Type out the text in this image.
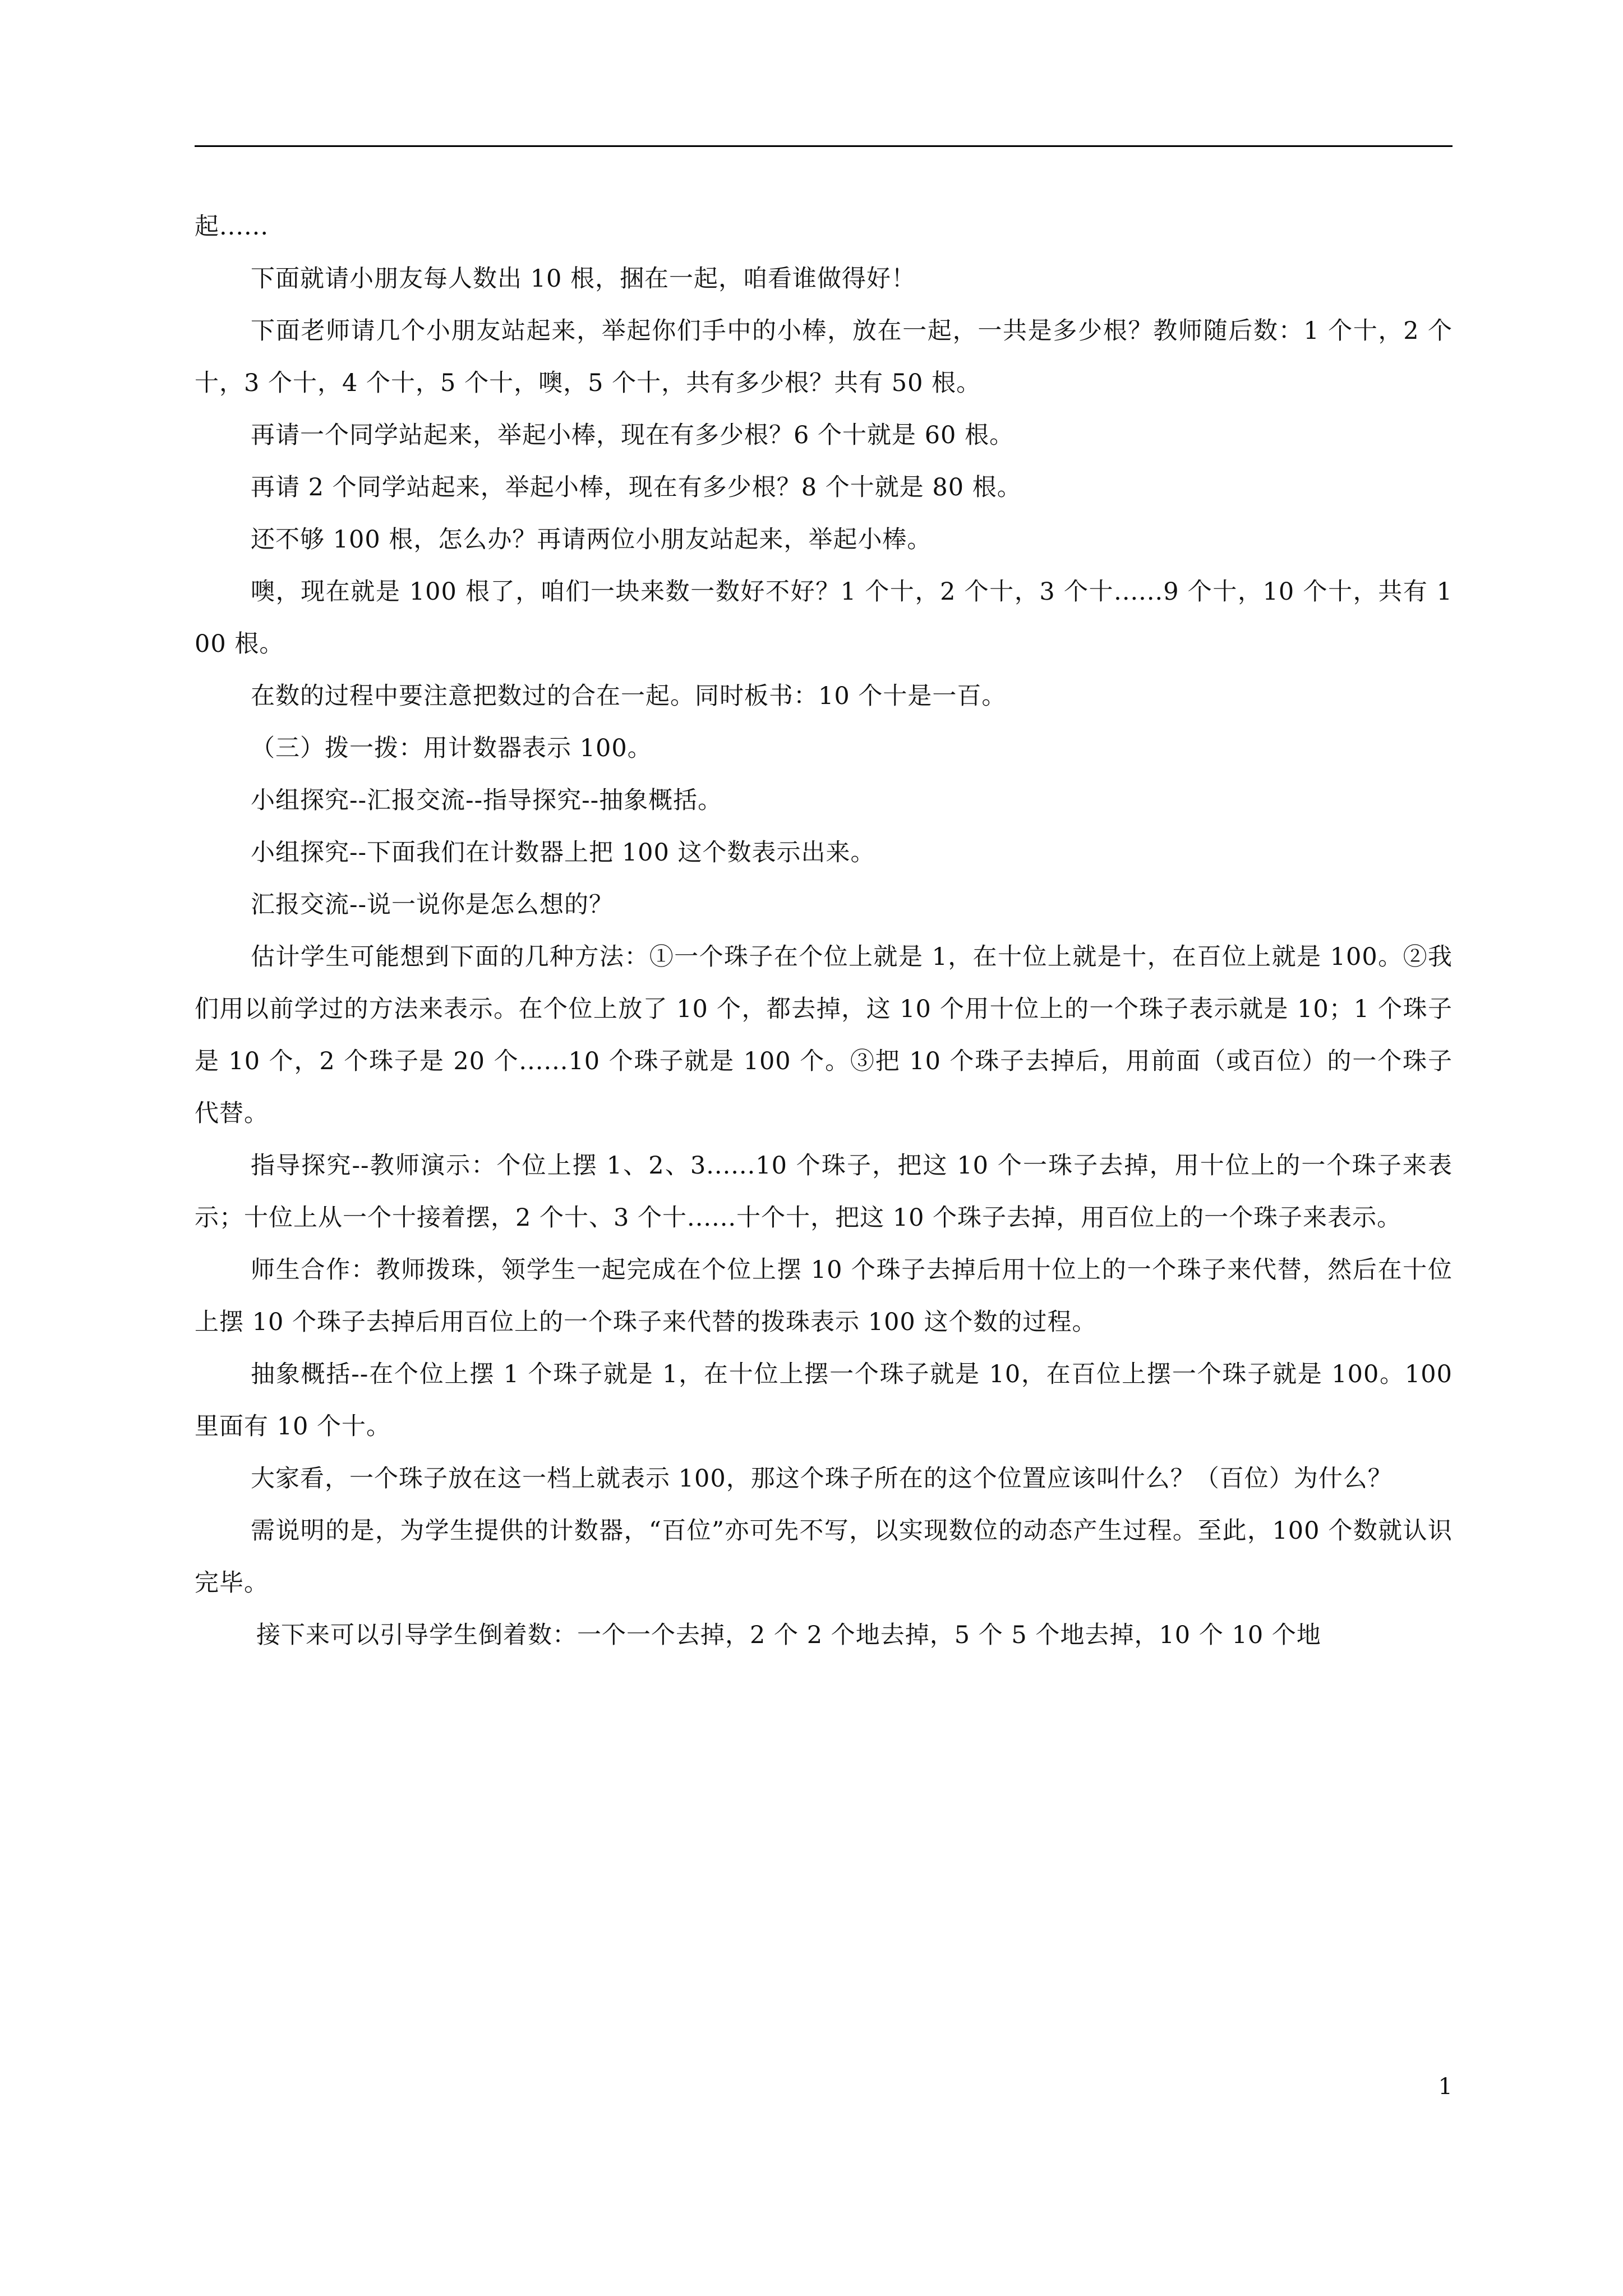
起......

下面就请小朋友每人数出 10 根，捆在一起，咱看谁做得好！

下面老师请几个小朋友站起来，举起你们手中的小棒，放在一起，一共是多少根？教师随后数：1 个十，2 个十，3 个十，4 个十，5 个十，噢，5 个十，共有多少根？共有 50 根。

再请一个同学站起来，举起小棒，现在有多少根？6 个十就是 60 根。

再请 2 个同学站起来，举起小棒，现在有多少根？8 个十就是 80 根。

还不够 100 根，怎么办？再请两位小朋友站起来，举起小棒。

噢，现在就是 100 根了，咱们一块来数一数好不好？1 个十，2 个十，3 个十......9 个十，10 个十，共有 100 根。

在数的过程中要注意把数过的合在一起。同时板书：10 个十是一百。

（三）拨一拨：用计数器表示 100。

小组探究--汇报交流--指导探究--抽象概括。

小组探究--下面我们在计数器上把 100 这个数表示出来。

汇报交流--说一说你是怎么想的？

估计学生可能想到下面的几种方法：①一个珠子在个位上就是 1，在十位上就是十，在百位上就是 100。②我们用以前学过的方法来表示。在个位上放了 10 个，都去掉，这 10 个用十位上的一个珠子表示就是 10；1 个珠子是 10 个，2 个珠子是 20 个......10 个珠子就是 100 个。③把 10 个珠子去掉后，用前面（或百位）的一个珠子代替。

指导探究--教师演示：个位上摆 1、2、3......10 个珠子，把这 10 个一珠子去掉，用十位上的一个珠子来表示；十位上从一个十接着摆，2 个十、3 个十......十个十，把这 10 个珠子去掉，用百位上的一个珠子来表示。

师生合作：教师拨珠，领学生一起完成在个位上摆 10 个珠子去掉后用十位上的一个珠子来代替，然后在十位上摆 10 个珠子去掉后用百位上的一个珠子来代替的拨珠表示 100 这个数的过程。

抽象概括--在个位上摆 1 个珠子就是 1，在十位上摆一个珠子就是 10，在百位上摆一个珠子就是 100。100 里面有 10 个十。

大家看，一个珠子放在这一档上就表示 100，那这个珠子所在的这个位置应该叫什么？（百位）为什么？

需说明的是，为学生提供的计数器，“百位”亦可先不写，以实现数位的动态产生过程。至此，100 个数就认识完毕。

接下来可以引导学生倒着数：一个一个去掉，2 个 2 个地去掉，5 个 5 个地去掉，10 个 10 个地

1
